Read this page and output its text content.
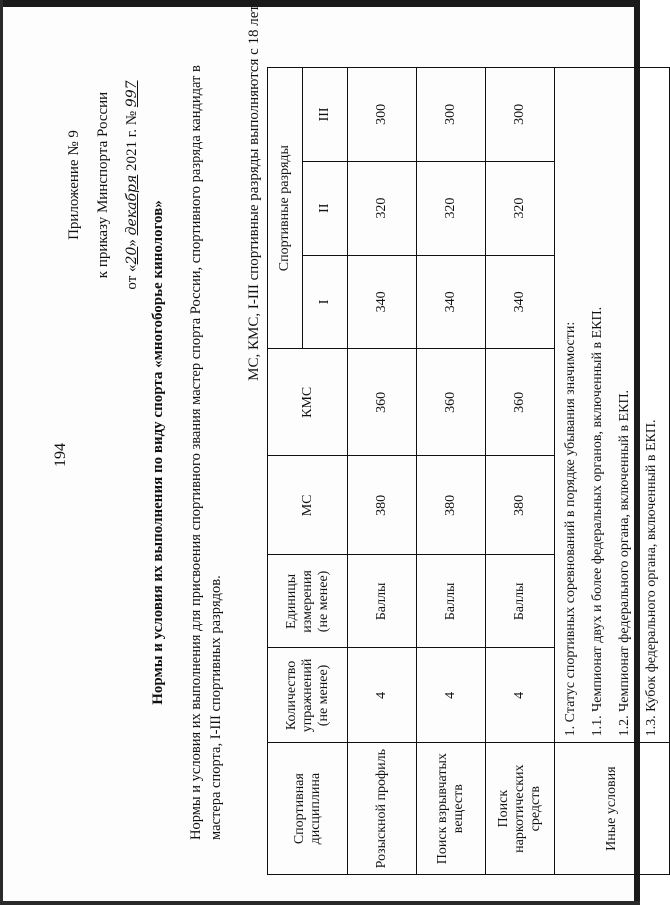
194
Приложение № 9 к приказу Минспорта России от «20» декабря 2021 г. № 997
Нормы и условия их выполнения по виду спорта «многоборье кинологов» Нормы и условия их выполнения для присвоения спортивного звания мастер спорта России, спортивного разряда кандидат в мастера спорта, I-III спортивных разрядов.
МС, КМС, I-III спортивные разряды выполняются с 18 лет
Спортивная дисциплина	Количество упражнений (не менее)	Единицы измерения (не менее)	МС	КМС	Спортивные разряды		
					I	II	III
Розыскной профиль	4	Баллы	380	360	340	320	300
Поиск взрывчатых веществ	4	Баллы	380	360	340	320	300
Поиск наркотических средств	4	Баллы	380	360	340	320	300
Иные условия	1. Статус спортивных соревнований в порядке убывания значимости: 1.1. Чемпионат двух и более федеральных органов, включенный в ЕКП. 1.2. Чемпионат федерального органа, включенный в ЕКП. 1.3. Кубок федерального органа, включенный в ЕКП.						
